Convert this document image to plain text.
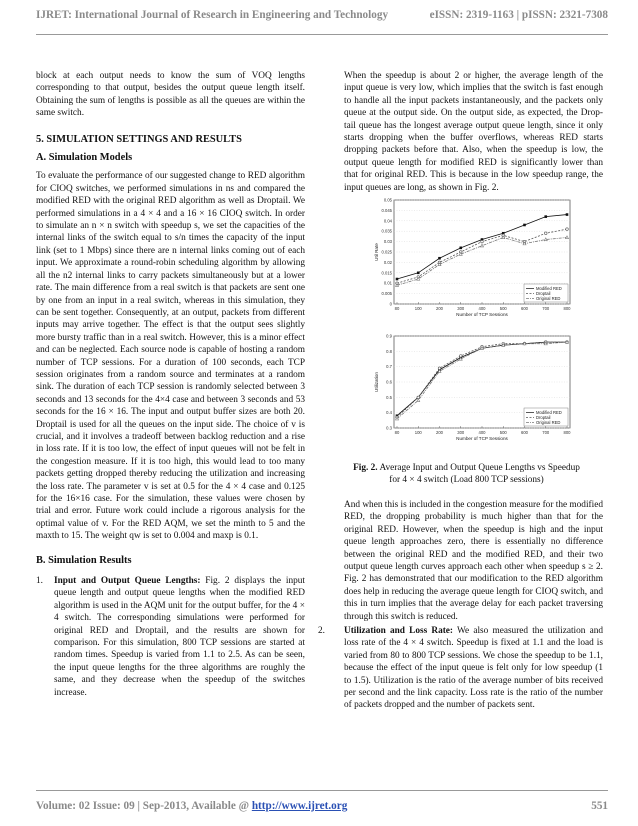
IJRET: International Journal of Research in Engineering and Technology	eISSN: 2319-1163 | pISSN: 2321-7308

block at each output needs to know the sum of VOQ lengths corresponding to that output, besides the output queue length itself. Obtaining the sum of lengths is possible as all the queues are within the same switch.

5. SIMULATION SETTINGS AND RESULTS

A. Simulation Models

To evaluate the performance of our suggested change to RED algorithm for CIOQ switches, we performed simulations in ns and compared the modified RED with the original RED algorithm as well as Droptail. We performed simulations in a 4 × 4 and a 16 × 16 CIOQ switch. In order to simulate an n × n switch with speedup s, we set the capacities of the internal links of the switch equal to s/n times the capacity of the input link (set to 1 Mbps) since there are n internal links coming out of each input. We approximate a round-robin scheduling algorithm by allowing all the n2 internal links to carry packets simultaneously but at a lower rate. The main difference from a real switch is that packets are sent one by one from an input in a real switch, whereas in this simulation, they can be sent together. Consequently, at an output, packets from different inputs may arrive together. The effect is that the output sees slightly more bursty traffic than in a real switch. However, this is a minor effect and can be neglected. Each source node is capable of hosting a random number of TCP sessions. For a duration of 100 seconds, each TCP session originates from a random source and terminates at a random sink. The duration of each TCP session is randomly selected between 3 seconds and 13 seconds for the 4×4 case and between 3 seconds and 53 seconds for the 16 × 16. The input and output buffer sizes are both 20. Droptail is used for all the queues on the input side. The choice of v is crucial, and it involves a tradeoff between backlog reduction and a rise in loss rate. If it is too low, the effect of input queues will not be felt in the congestion measure. If it is too high, this would lead to too many packets getting dropped thereby reducing the utilization and increasing the loss rate. The parameter v is set at 0.5 for the 4 × 4 case and 0.125 for the 16×16 case. For the simulation, these values were chosen by trial and error. Future work could include a rigorous analysis for the optimal value of v. For the RED AQM, we set the minth to 5 and the maxth to 15. The weight qw is set to 0.004 and maxp is 0.1.

B. Simulation Results

1. Input and Output Queue Lengths: Fig. 2 displays the input queue length and output queue lengths when the modified RED algorithm is used in the AQM unit for the output buffer, for the 4 × 4 switch. The corresponding simulations were performed for original RED and Droptail, and the results are shown for comparison. For this simulation, 800 TCP sessions are started at random times. Speedup is varied from 1.1 to 2.5. As can be seen, the input queue lengths for the three algorithms are roughly the same, and they decrease when the speedup of the switches increase.

When the speedup is about 2 or higher, the average length of the input queue is very low, which implies that the switch is fast enough to handle all the input packets instantaneously, and the packets only queue at the output side. On the output side, as expected, the Drop-tail queue has the longest average output queue length, since it only starts dropping when the buffer overflows, whereas RED starts dropping packets before that. Also, when the speedup is low, the output queue length for modified RED is significantly lower than that for original RED. This is because in the low speedup range, the input queues are long, as shown in Fig. 2.

0
0.005
0.01
0.015
0.02
0.025
0.03
0.035
0.04
0.045
0.05
80	100	200	300	400	500	600	700	800
Number of TCP Sessions
Util Rate
Modified RED
Droptail
Original RED
0.3
0.4
0.5
0.6
0.7
0.8
0.9
80	100	200	300	400	500	600	700	800
Number of TCP Sessions
Utilization
Modified RED
Droptail
Original RED

Fig. 2. Average Input and Output Queue Lengths vs Speedup for 4 × 4 switch (Load 800 TCP sessions)

And when this is included in the congestion measure for the modified RED, the dropping probability is much higher than that for the original RED. However, when the speedup is high and the input queue length approaches zero, there is essentially no difference between the original RED and the modified RED, and their two output queue length curves approach each other when speedup s ≥ 2. Fig. 2 has demonstrated that our modification to the RED algorithm does help in reducing the average queue length for CIOQ switch, and this in turn implies that the average delay for each packet traversing through this switch is reduced.

2. Utilization and Loss Rate: We also measured the utilization and loss rate of the 4 × 4 switch. Speedup is fixed at 1.1 and the load is varied from 80 to 800 TCP sessions. We chose the speedup to be 1.1, because the effect of the input queue is felt only for low speedup (1 to 1.5). Utilization is the ratio of the average number of bits received per second and the link capacity. Loss rate is the ratio of the number of packets dropped and the number of packets sent.
Volume: 02 Issue: 09 | Sep-2013, Available @ http://www.ijret.org	551
